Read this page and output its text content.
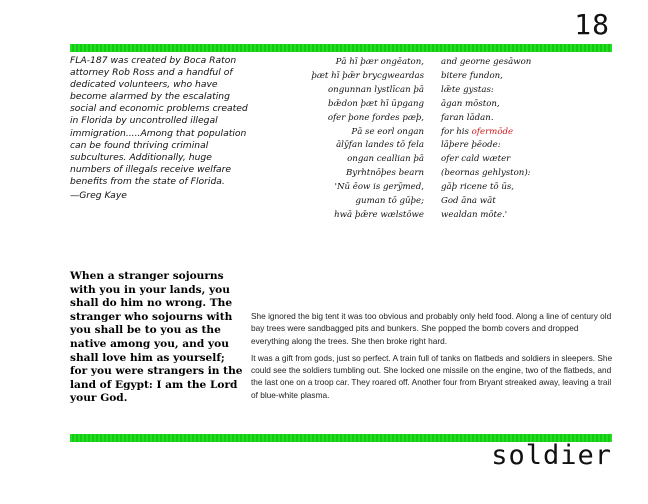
18
FLA-187 was created by Boca Raton attorney Rob Ross and a handful of dedicated volunteers, who have become alarmed by the escalating social and economic problems created in Florida by uncontrolled illegal immigration.....Among that population can be found thriving criminal subcultures. Additionally, huge numbers of illegals receive welfare benefits from the state of Florida.
—Greg Kaye
Pā hī þær ongēaton,
þæt hī þǣr brycgweardas
ongunnan lystlīcan þā
bǣdon þæt hī ūpgang
ofer þone fordes pæþ,
Pā se eorl ongan
ālȳfan landes tō fela
ongan ceallian þā
Byrhtnōþes bearn
'Nū ēow is gerȳmed,
guman tō gūþe;
hwā þǣre wælstōwe
and georne gesāwon
bitere fundon,
lǣte gystas:
āgan mōston,
faran lādan.
for his ofermōde
lāþere þēode:
ofer cald wæter
(beornas gehlyston):
gāþ ricene tō ūs,
God āna wāt
wealdan mōte.'
When a stranger sojourns with you in your lands, you shall do him no wrong. The stranger who sojourns with you shall be to you as the native among you, and you shall love him as yourself; for you were strangers in the land of Egypt: I am the Lord your God.

She ignored the big tent it was too obvious and probably only held food. Along a line of century old bay trees were sandbagged pits and bunkers. She popped the bomb covers and dropped everything along the trees. She then broke right hard.

It was a gift from gods, just so perfect. A train full of tanks on flatbeds and soldiers in sleepers. She could see the soldiers tumbling out. She locked one missile on the engine, two of the flatbeds, and the last one on a troop car. They roared off. Another four from Bryant streaked away, leaving a trail of blue-white plasma.

soldier
